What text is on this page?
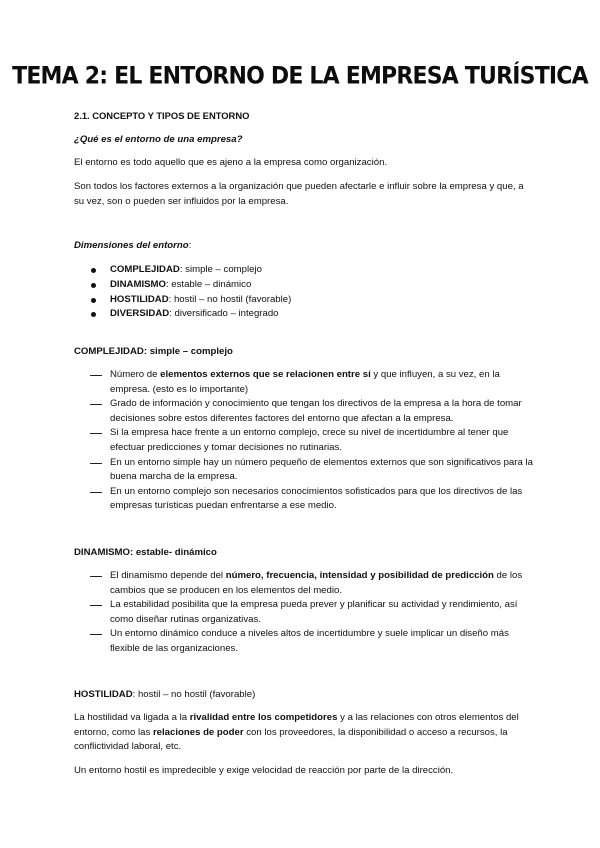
TEMA 2: EL ENTORNO DE LA EMPRESA TURÍSTICA

2.1. CONCEPTO Y TIPOS DE ENTORNO

¿Qué es el entorno de una empresa?

El entorno es todo aquello que es ajeno a la empresa como organización.

Son todos los factores externos a la organización que pueden afectarle e influir sobre la empresa y que, a su vez, son o pueden ser influidos por la empresa.

Dimensiones del entorno:

COMPLEJIDAD: simple – complejo
DINAMISMO: estable – dinámico
HOSTILIDAD: hostil – no hostil (favorable)
DIVERSIDAD: diversificado – integrado

COMPLEJIDAD: simple – complejo

Número de elementos externos que se relacionen entre sí y que influyen, a su vez, en la empresa. (esto es lo importante)
Grado de información y conocimiento que tengan los directivos de la empresa a la hora de tomar decisiones sobre estos diferentes factores del entorno que afectan a la empresa.
Si la empresa hace frente a un entorno complejo, crece su nivel de incertidumbre al tener que efectuar predicciones y tomar decisiones no rutinarias.
En un entorno simple hay un número pequeño de elementos externos que son significativos para la buena marcha de la empresa.
En un entorno complejo son necesarios conocimientos sofisticados para que los directivos de las empresas turísticas puedan enfrentarse a ese medio.

DINAMISMO: estable- dinámico

El dinamismo depende del número, frecuencia, intensidad y posibilidad de predicción de los cambios que se producen en los elementos del medio.
La estabilidad posibilita que la empresa pueda prever y planificar su actividad y rendimiento, así como diseñar rutinas organizativas.
Un entorno dinámico conduce a niveles altos de incertidumbre y suele implicar un diseño más flexible de las organizaciones.

HOSTILIDAD: hostil – no hostil (favorable)

La hostilidad va ligada a la rivalidad entre los competidores y a las relaciones con otros elementos del entorno, como las relaciones de poder con los proveedores, la disponibilidad o acceso a recursos, la conflictividad laboral, etc.

Un entorno hostil es impredecible y exige velocidad de reacción por parte de la dirección.
